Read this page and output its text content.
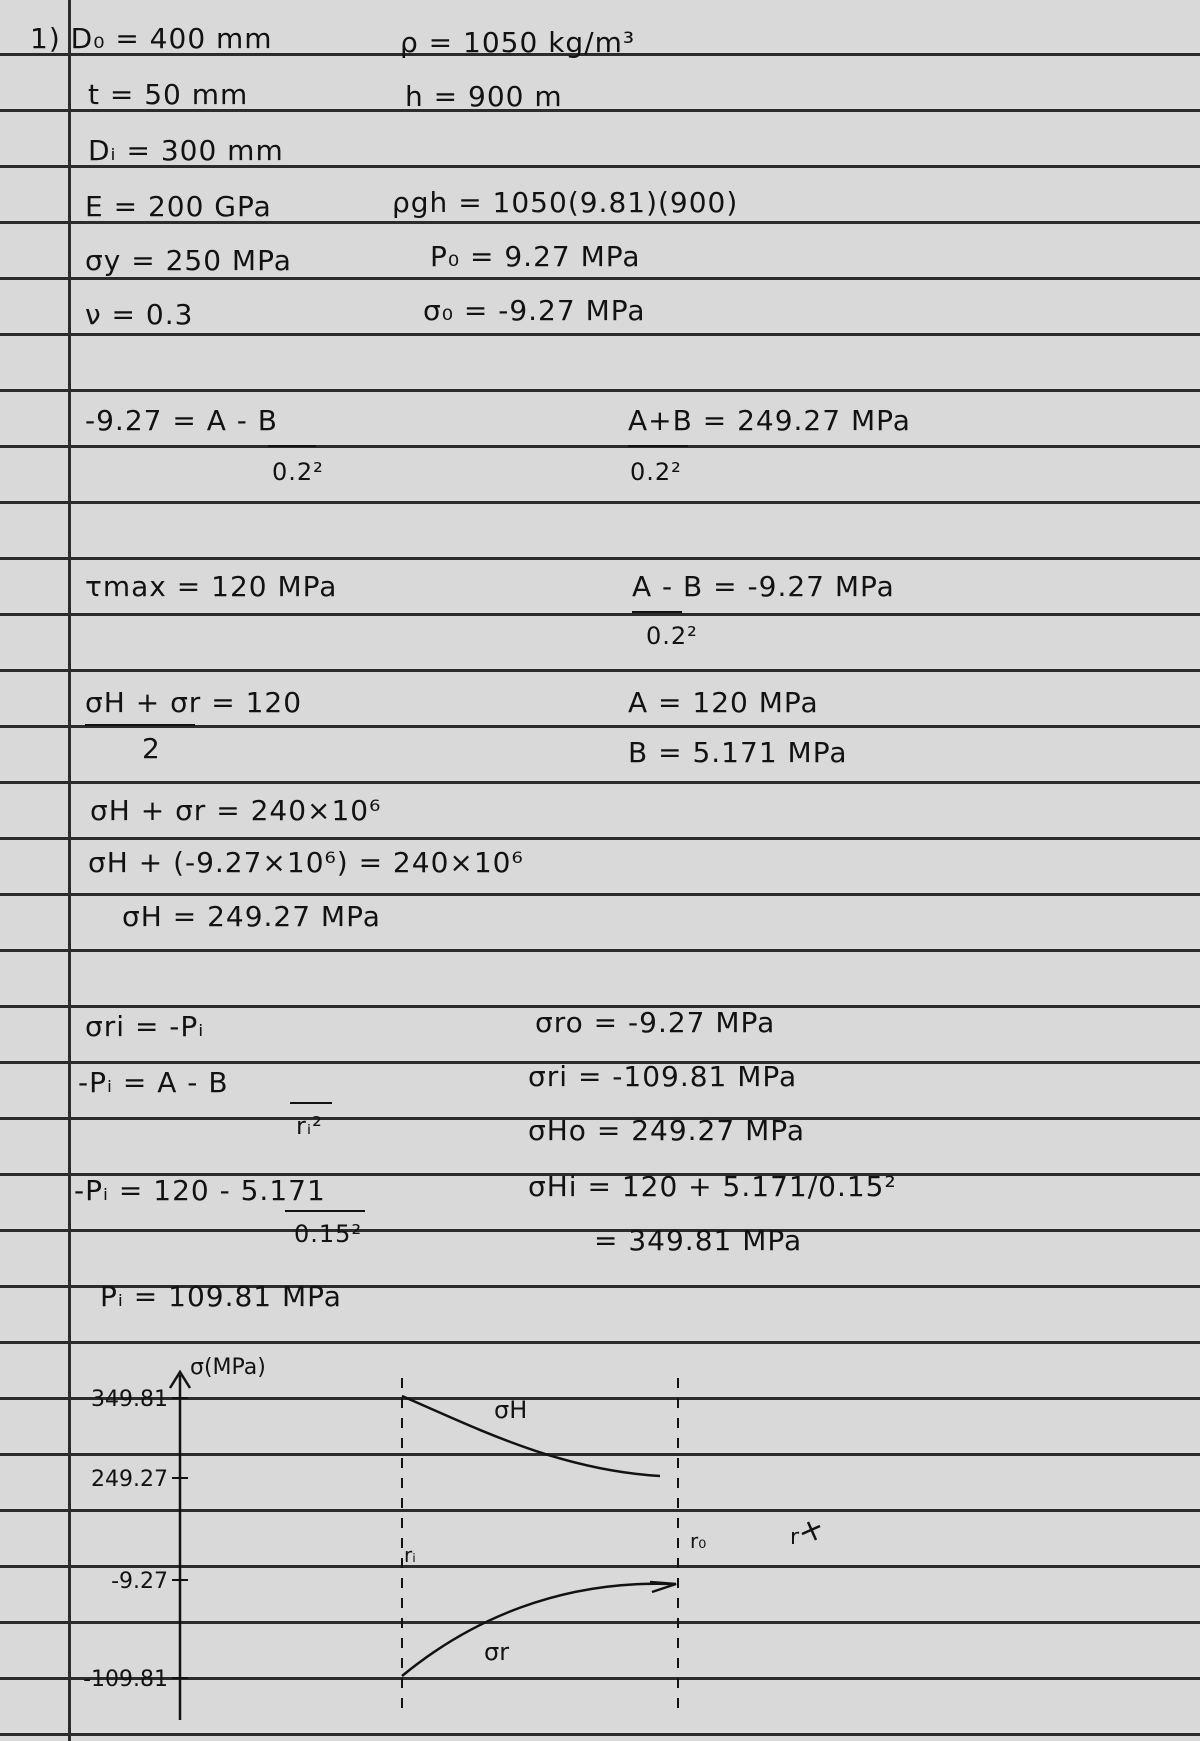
1) D₀ = 400 mm
t = 50 mm
Dᵢ = 300 mm
E = 200 GPa
σy = 250 MPa
ν = 0.3
ρ = 1050 kg/m³
h = 900 m
ρgh = 1050(9.81)(900)
P₀ = 9.27 MPa
σ₀ = -9.27 MPa
-9.27 = A - B
0.2²
A+B = 249.27 MPa
0.2²
τmax = 120 MPa	A - B = -9.27 MPa
0.2²
σH + σr = 120
2
A = 120 MPa
B = 5.171 MPa
σH + σr = 240×10⁶
σH + (-9.27×10⁶) = 240×10⁶
σH = 249.27 MPa
σri = -Pᵢ
-Pᵢ = A - B
rᵢ²
-Pᵢ = 120 - 5.171
0.15²
Pᵢ = 109.81 MPa
σro = -9.27 MPa
σri = -109.81 MPa
σHo = 249.27 MPa
σHi = 120 + 5.171/0.15²
= 349.81 MPa
349.81
249.27
-9.27
-109.81
σ(MPa)
rᵢ
r₀	r
σH
σr
